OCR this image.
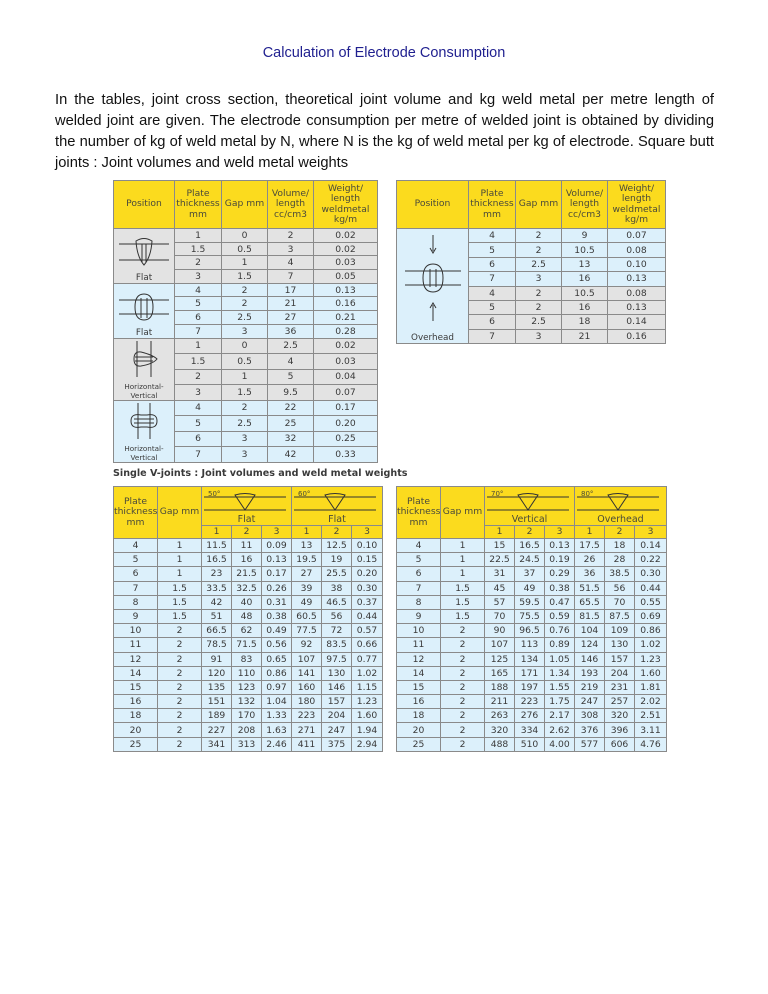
Calculation of Electrode Consumption
In the tables, joint cross section, theoretical joint volume and kg weld metal per metre length of welded joint are given. The electrode consumption per metre of welded joint is obtained by dividing the number of kg of weld metal by N, where N is the kg of weld metal per kg of electrode. Square butt joints : Joint volumes and weld metal weights
Position	Plate thickness mm	Gap mm	Volume/ length cc/cm3	Weight/ length weldmetal kg/m

Flat	1	0	2	0.02
	1.5	0.5	3	0.02
	2	1	4	0.03
	3	1.5	7	0.05

Flat	4	2	17	0.13
	5	2	21	0.16
	6	2.5	27	0.21
	7	3	36	0.28

Horizontal-Vertical	1	0	2.5	0.02
	1.5	0.5	4	0.03
	2	1	5	0.04
	3	1.5	9.5	0.07

Horizontal-Vertical	4	2	22	0.17
	5	2.5	25	0.20
	6	3	32	0.25
	7	3	42	0.33
Position	Plate thickness mm	Gap mm	Volume/ length cc/cm3	Weight/ length weldmetal kg/m

Overhead	4	2	9	0.07
	5	2	10.5	0.08
	6	2.5	13	0.10
	7	3	16	0.13
	4	2	10.5	0.08
	5	2	16	0.13
	6	2.5	18	0.14
	7	3	21	0.16
Single V-joints : Joint volumes and weld metal weights
Plate thickness mm	Gap mm	50°
Flat			60°
Flat		

		1	2	3	1	2	3
4	1	11.5	11	0.09	13	12.5	0.10
5	1	16.5	16	0.13	19.5	19	0.15
6	1	23	21.5	0.17	27	25.5	0.20
7	1.5	33.5	32.5	0.26	39	38	0.30
8	1.5	42	40	0.31	49	46.5	0.37
9	1.5	51	48	0.38	60.5	56	0.44
10	2	66.5	62	0.49	77.5	72	0.57
11	2	78.5	71.5	0.56	92	83.5	0.66
12	2	91	83	0.65	107	97.5	0.77
14	2	120	110	0.86	141	130	1.02
15	2	135	123	0.97	160	146	1.15
16	2	151	132	1.04	180	157	1.23
18	2	189	170	1.33	223	204	1.60
20	2	227	208	1.63	271	247	1.94
25	2	341	313	2.46	411	375	2.94
Plate thickness mm	Gap mm	70°
Vertical			80°
Overhead		

		1	2	3	1	2	3
4	1	15	16.5	0.13	17.5	18	0.14
5	1	22.5	24.5	0.19	26	28	0.22
6	1	31	37	0.29	36	38.5	0.30
7	1.5	45	49	0.38	51.5	56	0.44
8	1.5	57	59.5	0.47	65.5	70	0.55
9	1.5	70	75.5	0.59	81.5	87.5	0.69
10	2	90	96.5	0.76	104	109	0.86
11	2	107	113	0.89	124	130	1.02
12	2	125	134	1.05	146	157	1.23
14	2	165	171	1.34	193	204	1.60
15	2	188	197	1.55	219	231	1.81
16	2	211	223	1.75	247	257	2.02
18	2	263	276	2.17	308	320	2.51
20	2	320	334	2.62	376	396	3.11
25	2	488	510	4.00	577	606	4.76
